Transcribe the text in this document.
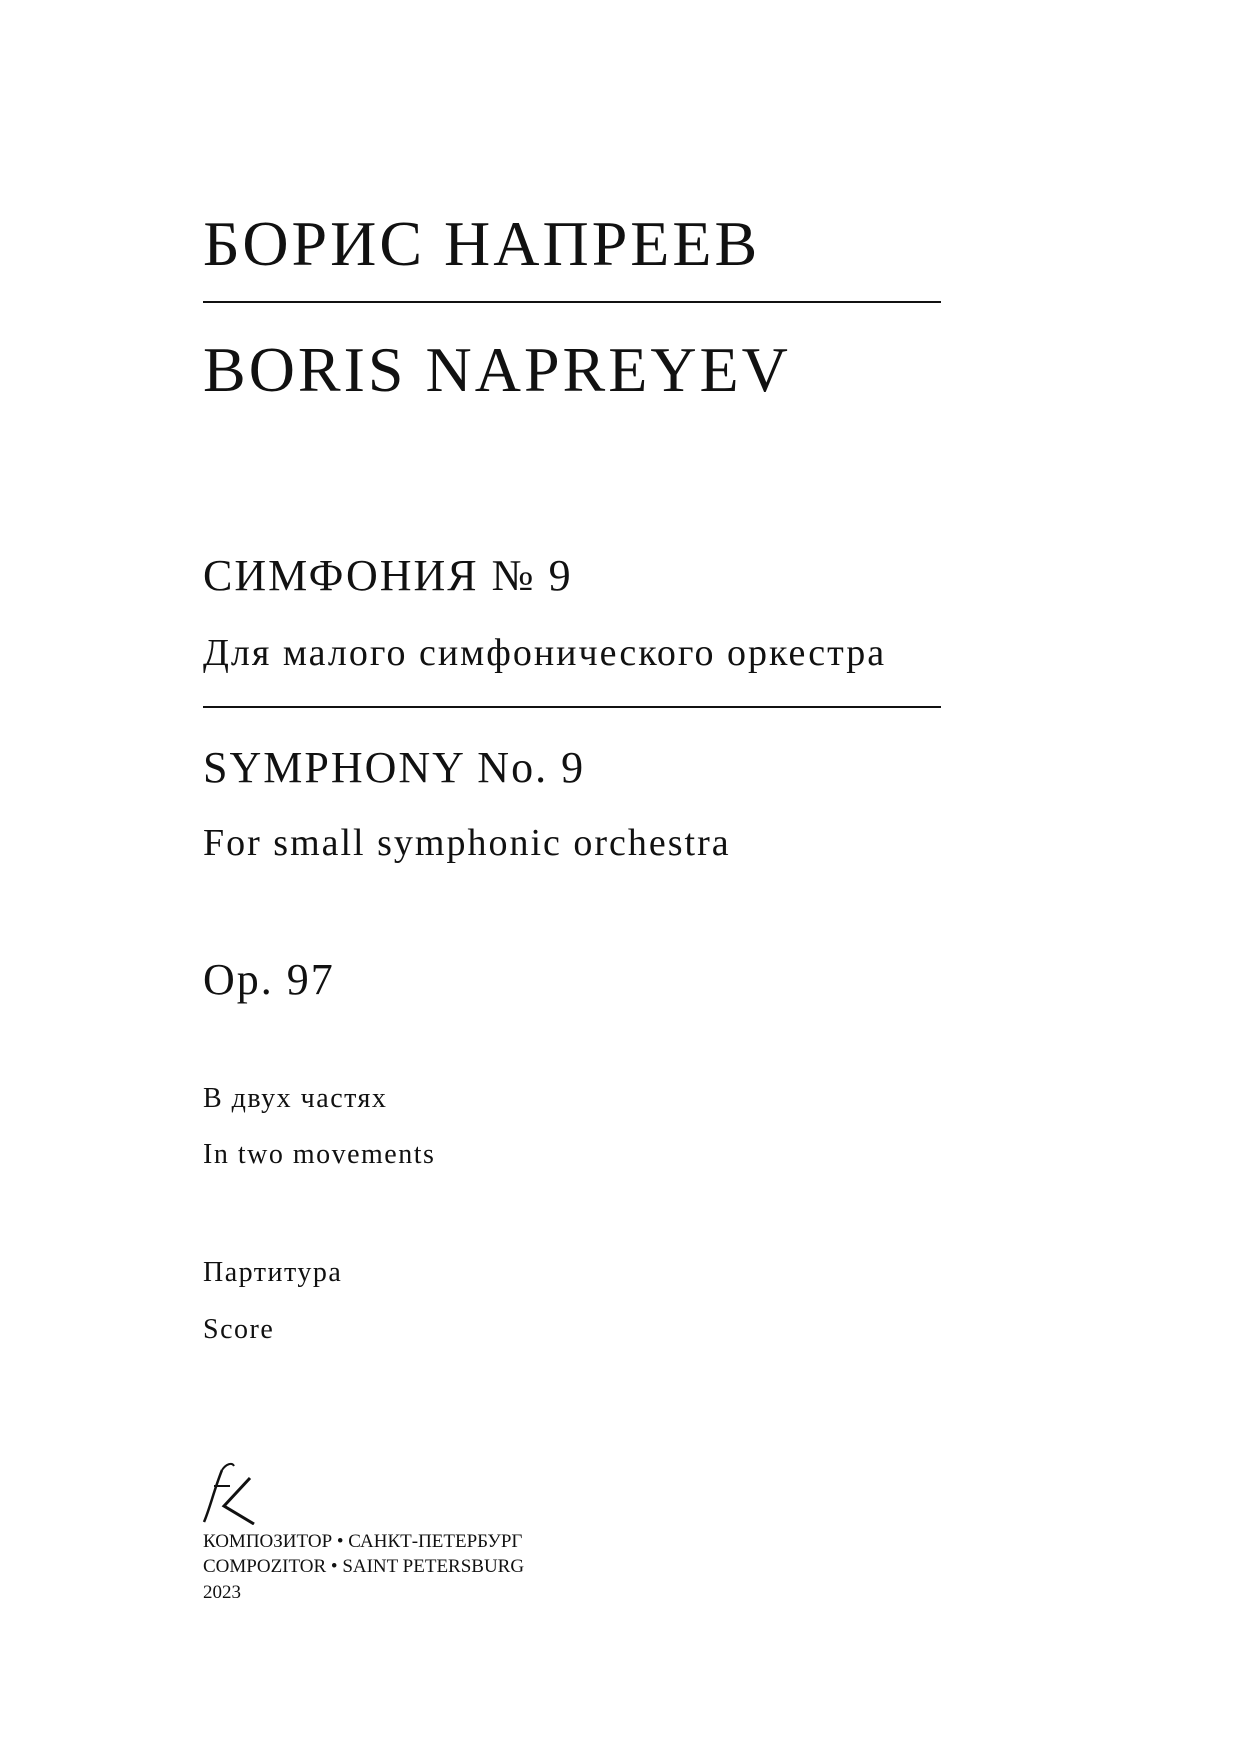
БОРИС НАПРЕЕВ
BORIS NAPREYEV
СИМФОНИЯ № 9
Для малого симфонического оркестра
SYMPHONY No. 9
For small symphonic orchestra
Op. 97
В двух частях
In two movements
Партитура
Score
КОМПОЗИТОР • САНКТ-ПЕТЕРБУРГ
COMPOZITOR • SAINT PETERSBURG
2023
